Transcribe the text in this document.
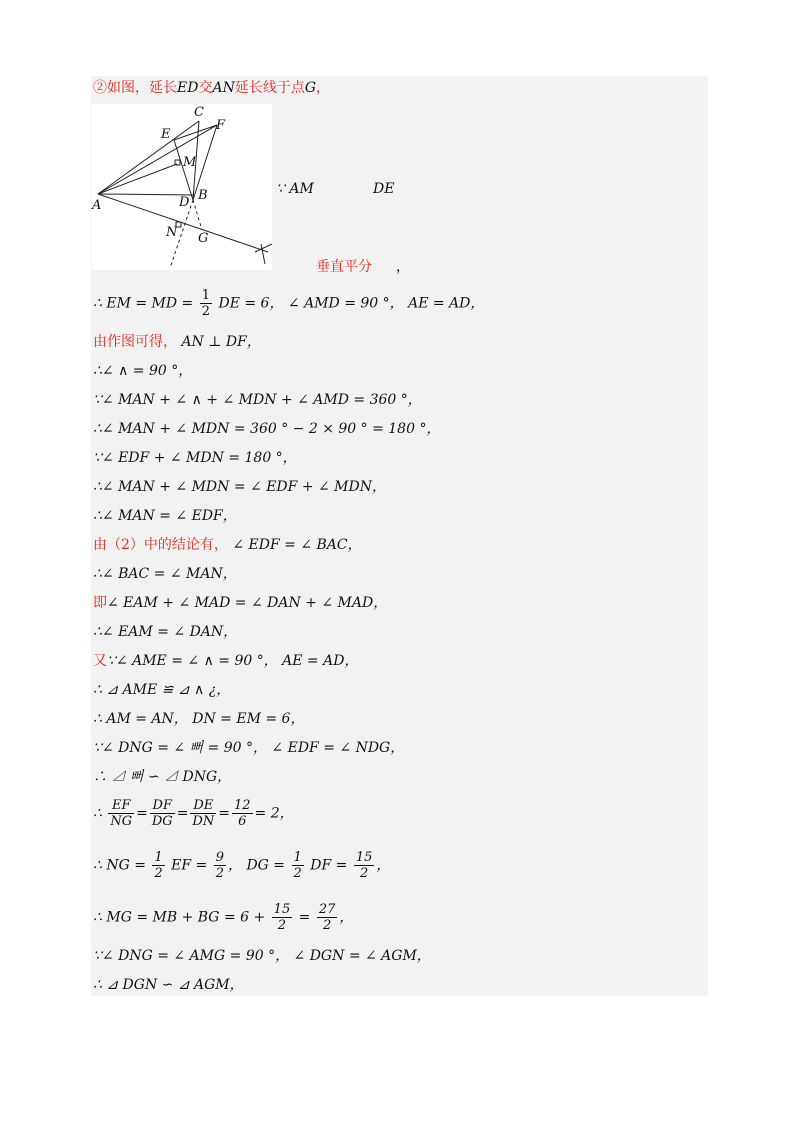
②如图，延长ED交AN延长线于点G，
A
B
C
D
E
F
G
M
N
∵ AM	DE
垂直平分 ，
∴ EM = MD = $\frac{1}{2}$ DE = 6， ∠ AMD = 90 °， AE = AD，
由作图可得， AN ⊥ DF，
∴∠ ∧ = 90 °，
∵∠ MAN + ∠ ∧ + ∠ MDN + ∠ AMD = 360 °，
∴∠ MAN + ∠ MDN = 360 ° − 2 × 90 ° = 180 °，
∵∠ EDF + ∠ MDN = 180 °，
∴∠ MAN + ∠ MDN = ∠ EDF + ∠ MDN，
∴∠ MAN = ∠ EDF，
由（2）中的结论有， ∠ EDF = ∠ BAC，
∴∠ BAC = ∠ MAN，
即∠ EAM + ∠ MAD = ∠ DAN + ∠ MAD，
∴∠ EAM = ∠ DAN，
又∵∠ AME = ∠ ∧ = 90 °， AE = AD，
∴ ⊿ AME ≌ ⊿ ∧ ¿，
∴ AM = AN， DN = EM = 6，
∵∠ DNG = ∠ 뻐 = 90 °， ∠ EDF = ∠ NDG，
∴ ⊿ 뻐 ∽ ⊿ DNG，
∴ $\frac{EF}{NG} = \frac{DF}{DG} = \frac{DE}{DN} = \frac{12}{6} = 2$，
∴ NG = $\frac{1}{2}$ EF = $\frac{9}{2}$ ， DG = $\frac{1}{2}$ DF = $\frac{15}{2}$ ，
∴ MG = MB + BG = $6 + \frac{15}{2} = \frac{27}{2}$ ，
∵∠ DNG = ∠ AMG = 90 °， ∠ DGN = ∠ AGM，
∴ ⊿ DGN ∽ ⊿ AGM，
